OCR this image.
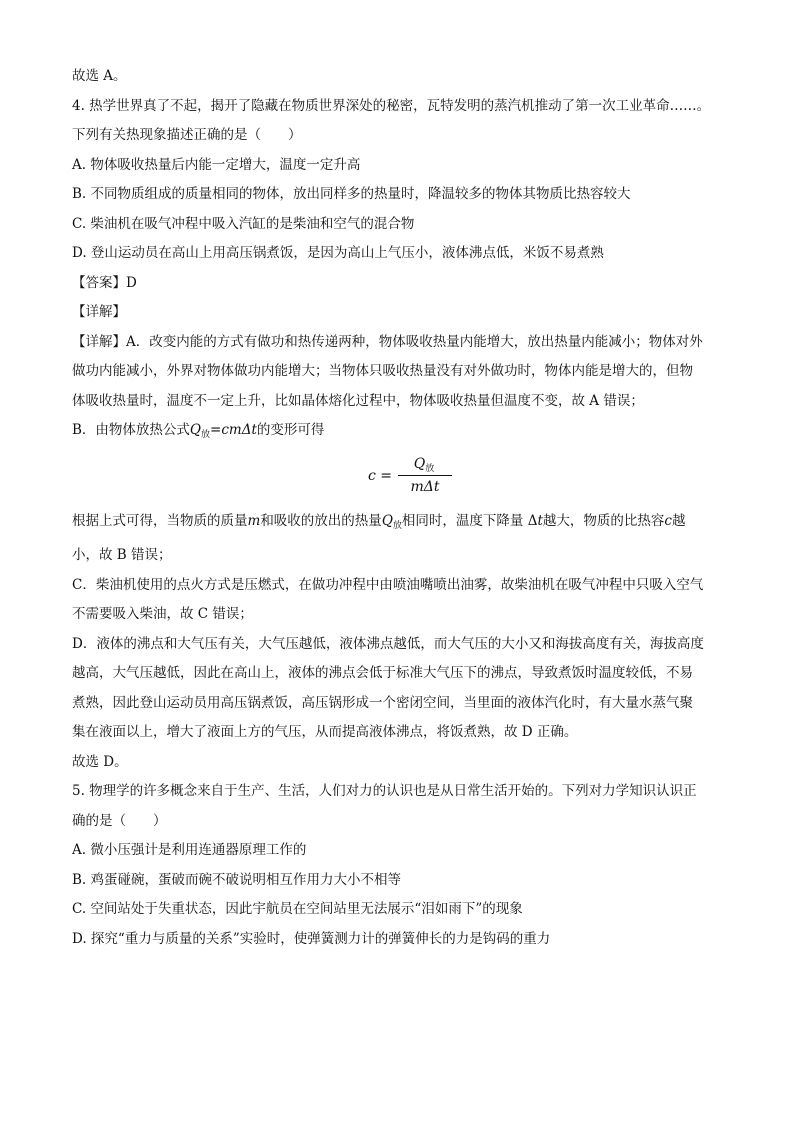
故选 A。

4. 热学世界真了不起，揭开了隐藏在物质世界深处的秘密，瓦特发明的蒸汽机推动了第一次工业革命……。

下列有关热现象描述正确的是（　　）

A. 物体吸收热量后内能一定增大，温度一定升高

B. 不同物质组成的质量相同的物体，放出同样多的热量时，降温较多的物体其物质比热容较大

C. 柴油机在吸气冲程中吸入汽缸的是柴油和空气的混合物

D. 登山运动员在高山上用高压锅煮饭，是因为高山上气压小，液体沸点低，米饭不易煮熟

【答案】D

【详解】

【详解】A．改变内能的方式有做功和热传递两种，物体吸收热量内能增大，放出热量内能减小；物体对外

做功内能减小，外界对物体做功内能增大；当物体只吸收热量没有对外做功时，物体内能是增大的，但物

体吸收热量时，温度不一定上升，比如晶体熔化过程中，物体吸收热量但温度不变，故 A 错误；

B．由物体放热公式$Q_放=cm\Delta t$的变形可得

c =
$Q_放$
mΔt

根据上式可得，当物质的质量m和吸收的放出的热量$Q_放$相同时，温度下降量 Δt越大，物质的比热容c越

小，故 B 错误；

C．柴油机使用的点火方式是压燃式，在做功冲程中由喷油嘴喷出油雾，故柴油机在吸气冲程中只吸入空气

不需要吸入柴油，故 C 错误；

D．液体的沸点和大气压有关，大气压越低，液体沸点越低，而大气压的大小又和海拔高度有关，海拔高度

越高，大气压越低，因此在高山上，液体的沸点会低于标准大气压下的沸点，导致煮饭时温度较低，不易

煮熟，因此登山运动员用高压锅煮饭，高压锅形成一个密闭空间，当里面的液体汽化时，有大量水蒸气聚

集在液面以上，增大了液面上方的气压，从而提高液体沸点，将饭煮熟，故 D 正确。

故选 D。

5. 物理学的许多概念来自于生产、生活，人们对力的认识也是从日常生活开始的。下列对力学知识认识正

确的是（　　）

A. 微小压强计是利用连通器原理工作的

B. 鸡蛋碰碗，蛋破而碗不破说明相互作用力大小不相等

C. 空间站处于失重状态，因此宇航员在空间站里无法展示“泪如雨下”的现象

D. 探究“重力与质量的关系”实验时，使弹簧测力计的弹簧伸长的力是钩码的重力
